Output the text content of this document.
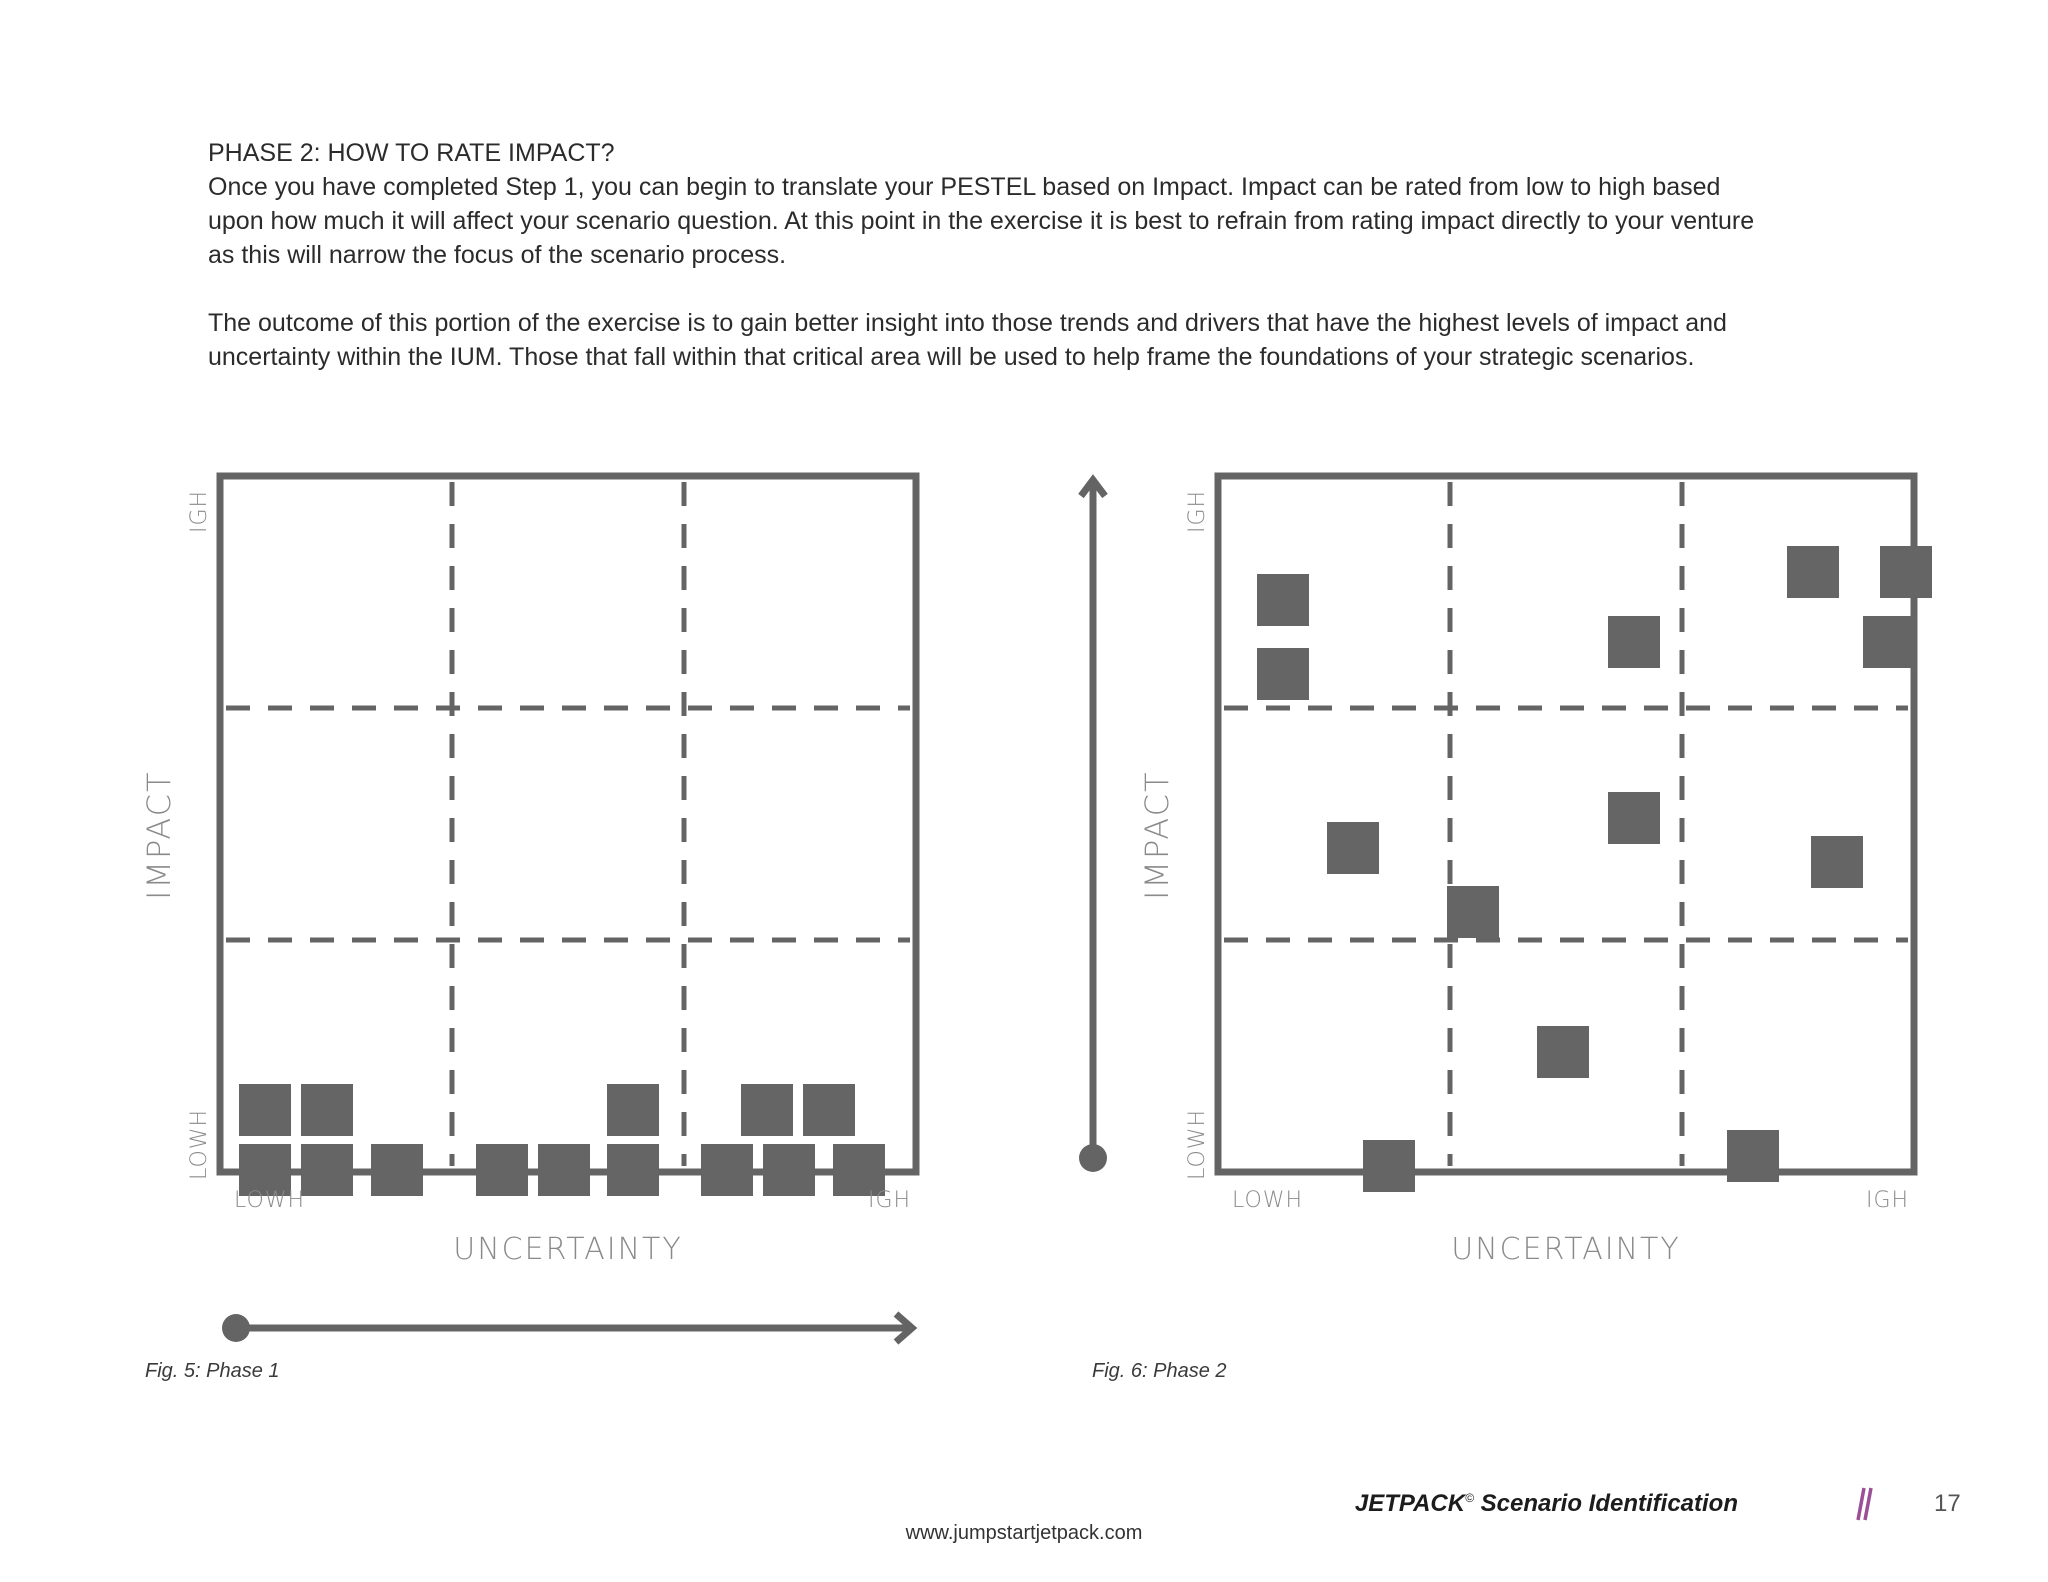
PHASE 2: HOW TO RATE IMPACT?

Once you have completed Step 1, you can begin to translate your PESTEL based on Impact. Impact can be rated from low to high based

upon how much it will affect your scenario question. At this point in the exercise it is best to refrain from rating impact directly to your venture

as this will narrow the focus of the scenario process.

The outcome of this portion of the exercise is to gain better insight into those trends and drivers that have the highest levels of impact and

uncertainty within the IUM. Those that fall within that critical area will be used to help frame the foundations of your strategic scenarios.

LOWH	IGH
UNCERTAINTY
IMPACT
LOWH
IGH
Fig. 5: Phase 1
LOWH	IGH
UNCERTAINTY
IMPACT
LOWH
IGH
Fig. 6: Phase 2
JETPACK© Scenario Identification	17
www.jumpstartjetpack.com
